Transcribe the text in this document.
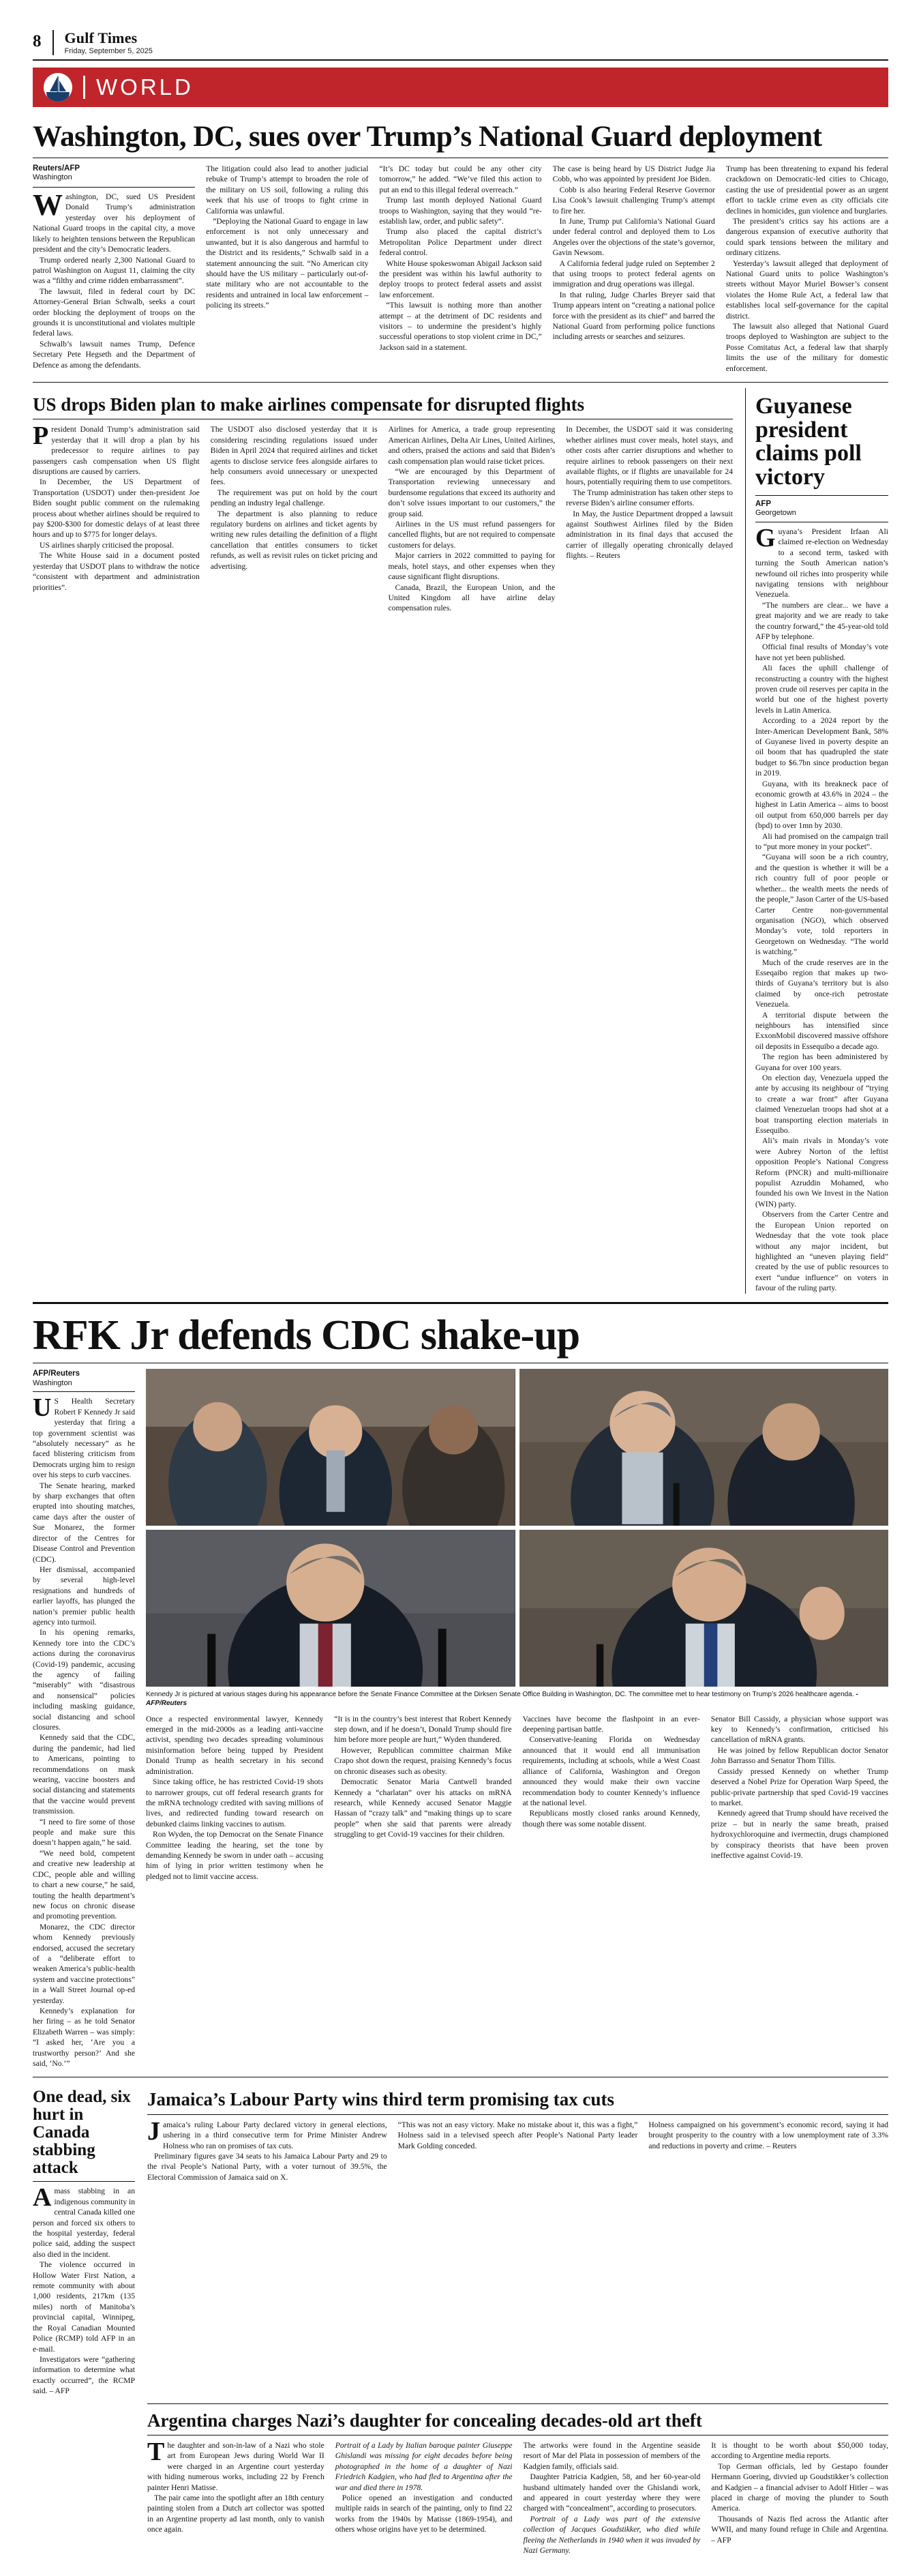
8 Gulf Times
Friday, September 5, 2025
WORLD
Washington, DC, sues over Trump’s National Guard deployment
Reuters/AFP
Washington

Washington, DC, sued US President Donald Trump’s administration yesterday over his deployment of National Guard troops in the capital city, a move likely to heighten tensions between the Republican president and the city’s Democratic leaders.

Trump ordered nearly 2,300 National Guard to patrol Washington on August 11, claiming the city was a “filthy and crime ridden embarrassment”.

The lawsuit, filed in federal court by DC Attorney-General Brian Schwalb, seeks a court order blocking the deployment of troops on the grounds it is unconstitutional and violates multiple federal laws.

Schwalb’s lawsuit names Trump, Defence Secretary Pete Hegseth and the Department of Defence as among the defendants.

The litigation could also lead to another judicial rebuke of Trump’s attempt to broaden the role of the military on US soil, following a ruling this week that his use of troops to fight crime in California was unlawful.

“Deploying the National Guard to engage in law enforcement is not only unnecessary and unwanted, but it is also dangerous and harmful to the District and its residents,” Schwalb said in a statement announcing the suit. “No American city should have the US military – particularly out-of-state military who are not accountable to the residents and untrained in local law enforcement – policing its streets.”

“It’s DC today but could be any other city tomorrow,” he added. “We’ve filed this action to put an end to this illegal federal overreach.”

Trump last month deployed National Guard troops to Washington, saying that they would “re-establish law, order, and public safety”.

Trump also placed the capital district’s Metropolitan Police Department under direct federal control.

White House spokeswoman Abigail Jackson said the president was within his lawful authority to deploy troops to protect federal assets and assist law enforcement.

“This lawsuit is nothing more than another attempt – at the detriment of DC residents and visitors – to undermine the president’s highly successful operations to stop violent crime in DC,” Jackson said in a statement.

The case is being heard by US District Judge Jia Cobb, who was appointed by president Joe Biden.

Cobb is also hearing Federal Reserve Governor Lisa Cook’s lawsuit challenging Trump’s attempt to fire her.

In June, Trump put California’s National Guard under federal control and deployed them to Los Angeles over the objections of the state’s governor, Gavin Newsom.

A California federal judge ruled on September 2 that using troops to protect federal agents on immigration and drug operations was illegal.

In that ruling, Judge Charles Breyer said that Trump appears intent on “creating a national police force with the president as its chief” and barred the National Guard from performing police functions including arrests or searches and seizures.

Trump has been threatening to expand his federal crackdown on Democratic-led cities to Chicago, casting the use of presidential power as an urgent effort to tackle crime even as city officials cite declines in homicides, gun violence and burglaries.

The president’s critics say his actions are a dangerous expansion of executive authority that could spark tensions between the military and ordinary citizens.

Yesterday’s lawsuit alleged that deployment of National Guard units to police Washington’s streets without Mayor Muriel Bowser’s consent violates the Home Rule Act, a federal law that establishes local self-governance for the capital district.

The lawsuit also alleged that National Guard troops deployed to Washington are subject to the Posse Comitatus Act, a federal law that sharply limits the use of the military for domestic enforcement.

US drops Biden plan to make airlines compensate for disrupted flights

President Donald Trump’s administration said yesterday that it will drop a plan by his predecessor to require airlines to pay passengers cash compensation when US flight disruptions are caused by carriers.

In December, the US Department of Transportation (USDOT) under then-president Joe Biden sought public comment on the rulemaking process about whether airlines should be required to pay $200-$300 for domestic delays of at least three hours and up to $775 for longer delays.

US airlines sharply criticised the proposal.

The White House said in a document posted yesterday that USDOT plans to withdraw the notice “consistent with department and administration priorities”.

The USDOT also disclosed yesterday that it is considering rescinding regulations issued under Biden in April 2024 that required airlines and ticket agents to disclose service fees alongside airfares to help consumers avoid unnecessary or unexpected fees.

The requirement was put on hold by the court pending an industry legal challenge.

The department is also planning to reduce regulatory burdens on airlines and ticket agents by writing new rules detailing the definition of a flight cancellation that entitles consumers to ticket refunds, as well as revisit rules on ticket pricing and advertising.

Airlines for America, a trade group representing American Airlines, Delta Air Lines, United Airlines, and others, praised the actions and said that Biden’s cash compensation plan would raise ticket prices.

“We are encouraged by this Department of Transportation reviewing unnecessary and burdensome regulations that exceed its authority and don’t solve issues important to our customers,” the group said.

Airlines in the US must refund passengers for cancelled flights, but are not required to compensate customers for delays.

Major carriers in 2022 committed to paying for meals, hotel stays, and other expenses when they cause significant flight disruptions.

Canada, Brazil, the European Union, and the United Kingdom all have airline delay compensation rules.

In December, the USDOT said it was considering whether airlines must cover meals, hotel stays, and other costs after carrier disruptions and whether to require airlines to rebook passengers on their next available flights, or if flights are unavailable for 24 hours, potentially requiring them to use competitors.

The Trump administration has taken other steps to reverse Biden’s airline consumer efforts.

In May, the Justice Department dropped a lawsuit against Southwest Airlines filed by the Biden administration in its final days that accused the carrier of illegally operating chronically delayed flights. – Reuters

Guyanese president claims poll victory
AFP
Georgetown

Guyana’s President Irfaan Ali claimed re-election on Wednesday to a second term, tasked with turning the South American nation’s newfound oil riches into prosperity while navigating tensions with neighbour Venezuela.

“The numbers are clear... we have a great majority and we are ready to take the country forward,” the 45-year-old told AFP by telephone.

Official final results of Monday’s vote have not yet been published.

Ali faces the uphill challenge of reconstructing a country with the highest proven crude oil reserves per capita in the world but one of the highest poverty levels in Latin America.

According to a 2024 report by the Inter-American Development Bank, 58% of Guyanese lived in poverty despite an oil boom that has quadrupled the state budget to $6.7bn since production began in 2019.

Guyana, with its breakneck pace of economic growth at 43.6% in 2024 – the highest in Latin America – aims to boost oil output from 650,000 barrels per day (bpd) to over 1mn by 2030.

Ali had promised on the campaign trail to “put more money in your pocket”.

“Guyana will soon be a rich country, and the question is whether it will be a rich country full of poor people or whether... the wealth meets the needs of the people,” Jason Carter of the US-based Carter Centre non-governmental organisation (NGO), which observed Monday’s vote, told reporters in Georgetown on Wednesday. “The world is watching.”

Much of the crude reserves are in the Esseqaibo region that makes up two-thirds of Guyana’s territory but is also claimed by once-rich petrostate Venezuela.

A territorial dispute between the neighbours has intensified since ExxonMobil discovered massive offshore oil deposits in Essequibo a decade ago.

The region has been administered by Guyana for over 100 years.

On election day, Venezuela upped the ante by accusing its neighbour of “trying to create a war front” after Guyana claimed Venezuelan troops had shot at a boat transporting election materials in Essequibo.

Ali’s main rivals in Monday’s vote were Aubrey Norton of the leftist opposition People’s National Congress Reform (PNCR) and multi-millionaire populist Azruddin Mohamed, who founded his own We Invest in the Nation (WIN) party.

Observers from the Carter Centre and the European Union reported on Wednesday that the vote took place without any major incident, but highlighted an “uneven playing field” created by the use of public resources to exert “undue influence” on voters in favour of the ruling party.

RFK Jr defends CDC shake-up
AFP/Reuters
Washington

US Health Secretary Robert F Kennedy Jr said yesterday that firing a top government scientist was “absolutely necessary” as he faced blistering criticism from Democrats urging him to resign over his steps to curb vaccines.

The Senate hearing, marked by sharp exchanges that often erupted into shouting matches, came days after the ouster of Sue Monarez, the former director of the Centres for Disease Control and Prevention (CDC).

Her dismissal, accompanied by several high-level resignations and hundreds of earlier layoffs, has plunged the nation’s premier public health agency into turmoil.

In his opening remarks, Kennedy tore into the CDC’s actions during the coronavirus (Covid-19) pandemic, accusing the agency of failing “miserably” with “disastrous and nonsensical” policies including masking guidance, social distancing and school closures.

Kennedy said that the CDC, during the pandemic, had lied to Americans, pointing to recommendations on mask wearing, vaccine boosters and social distancing and statements that the vaccine would prevent transmission.

“I need to fire some of those people and make sure this doesn’t happen again,” he said.

“We need bold, competent and creative new leadership at CDC, people able and willing to chart a new course,” he said, touting the health department’s new focus on chronic disease and promoting prevention.

Monarez, the CDC director whom Kennedy previously endorsed, accused the secretary of a “deliberate effort to weaken America’s public-health system and vaccine protections” in a Wall Street Journal op-ed yesterday.

Kennedy’s explanation for her firing – as he told Senator Elizabeth Warren – was simply: “I asked her, ‘Are you a trustworthy person?’ And she said, ‘No.’”

Kennedy Jr is pictured at various stages during his appearance before the Senate Finance Committee at the Dirksen Senate Office Building in Washington, DC. The committee met to hear testimony on Trump’s 2026 healthcare agenda. - AFP/Reuters

Once a respected environmental lawyer, Kennedy emerged in the mid-2000s as a leading anti-vaccine activist, spending two decades spreading voluminous misinformation before being tupped by President Donald Trump as health secretary in his second administration.

Since taking office, he has restricted Covid-19 shots to narrower groups, cut off federal research grants for the mRNA technology credited with saving millions of lives, and redirected funding toward research on debunked claims linking vaccines to autism.

Ron Wyden, the top Democrat on the Senate Finance Committee leading the hearing, set the tone by demanding Kennedy be sworn in under oath – accusing him of lying in prior written testimony when he pledged not to limit vaccine access.

“It is in the country’s best interest that Robert Kennedy step down, and if he doesn’t, Donald Trump should fire him before more people are hurt,” Wyden thundered.

However, Republican committee chairman Mike Crapo shot down the request, praising Kennedy’s focus on chronic diseases such as obesity.

Democratic Senator Maria Cantwell branded Kennedy a “charlatan” over his attacks on mRNA research, while Kennedy accused Senator Maggie Hassan of “crazy talk” and “making things up to scare people” when she said that parents were already struggling to get Covid-19 vaccines for their children.

Vaccines have become the flashpoint in an ever-deepening partisan battle.

Conservative-leaning Florida on Wednesday announced that it would end all immunisation requirements, including at schools, while a West Coast alliance of California, Washington and Oregon announced they would make their own vaccine recommendation body to counter Kennedy’s influence at the national level.

Republicans mostly closed ranks around Kennedy, though there was some notable dissent.

Senator Bill Cassidy, a physician whose support was key to Kennedy’s confirmation, criticised his cancellation of mRNA grants.

He was joined by fellow Republican doctor Senator John Barrasso and Senator Thom Tillis.

Cassidy pressed Kennedy on whether Trump deserved a Nobel Prize for Operation Warp Speed, the public-private partnership that sped Covid-19 vaccines to market.

Kennedy agreed that Trump should have received the prize – but in nearly the same breath, praised hydroxychloroquine and ivermectin, drugs championed by conspiracy theorists that have been proven ineffective against Covid-19.

One dead, six hurt in Canada stabbing attack

Amass stabbing in an indigenous community in central Canada killed one person and forced six others to the hospital yesterday, federal police said, adding the suspect also died in the incident.

The violence occurred in Hollow Water First Nation, a remote community with about 1,000 residents, 217km (135 miles) north of Manitoba’s provincial capital, Winnipeg, the Royal Canadian Mounted Police (RCMP) told AFP in an e-mail.

Investigators were “gathering information to determine what exactly occurred”, the RCMP said. – AFP

Jamaica’s Labour Party wins third term promising tax cuts

Jamaica’s ruling Labour Party declared victory in general elections, ushering in a third consecutive term for Prime Minister Andrew Holness who ran on promises of tax cuts.

Preliminary figures gave 34 seats to his Jamaica Labour Party and 29 to the rival People’s National Party, with a voter turnout of 39.5%, the Electoral Commission of Jamaica said on X.

“This was not an easy victory. Make no mistake about it, this was a fight,” Holness said in a televised speech after People’s National Party leader Mark Golding conceded.

Holness campaigned on his government’s economic record, saying it had brought prosperity to the country with a low unemployment rate of 3.3% and reductions in poverty and crime. – Reuters

Argentina charges Nazi’s daughter for concealing decades-old art theft

The daughter and son-in-law of a Nazi who stole art from European Jews during World War II were charged in an Argentine court yesterday with hiding numerous works, including 22 by French painter Henri Matisse.

The pair came into the spotlight after an 18th century painting stolen from a Dutch art collector was spotted in an Argentine property ad last month, only to vanish once again.

Portrait of a Lady by Italian baroque painter Giuseppe Ghislandi was missing for eight decades before being photographed in the home of a daughter of Nazi Friedrich Kadgien, who had fled to Argentina after the war and died there in 1978.

Police opened an investigation and conducted multiple raids in search of the painting, only to find 22 works from the 1940s by Matisse (1869-1954), and others whose origins have yet to be determined.

The artworks were found in the Argentine seaside resort of Mar del Plata in possession of members of the Kadgien family, officials said.

Daughter Patricia Kadgien, 58, and her 60-year-old husband ultimately handed over the Ghislandi work, and appeared in court yesterday where they were charged with “concealment”, according to prosecutors.

Portrait of a Lady was part of the extensive collection of Jacques Goudstikker, who died while fleeing the Netherlands in 1940 when it was invaded by Nazi Germany.

It is thought to be worth about $50,000 today, according to Argentine media reports.

Top German officials, led by Gestapo founder Hermann Goering, divvied up Goudstikker’s collection and Kadgien – a financial adviser to Adolf Hitler – was placed in charge of moving the plunder to South America.

Thousands of Nazis fled across the Atlantic after WWII, and many found refuge in Chile and Argentina. – AFP
